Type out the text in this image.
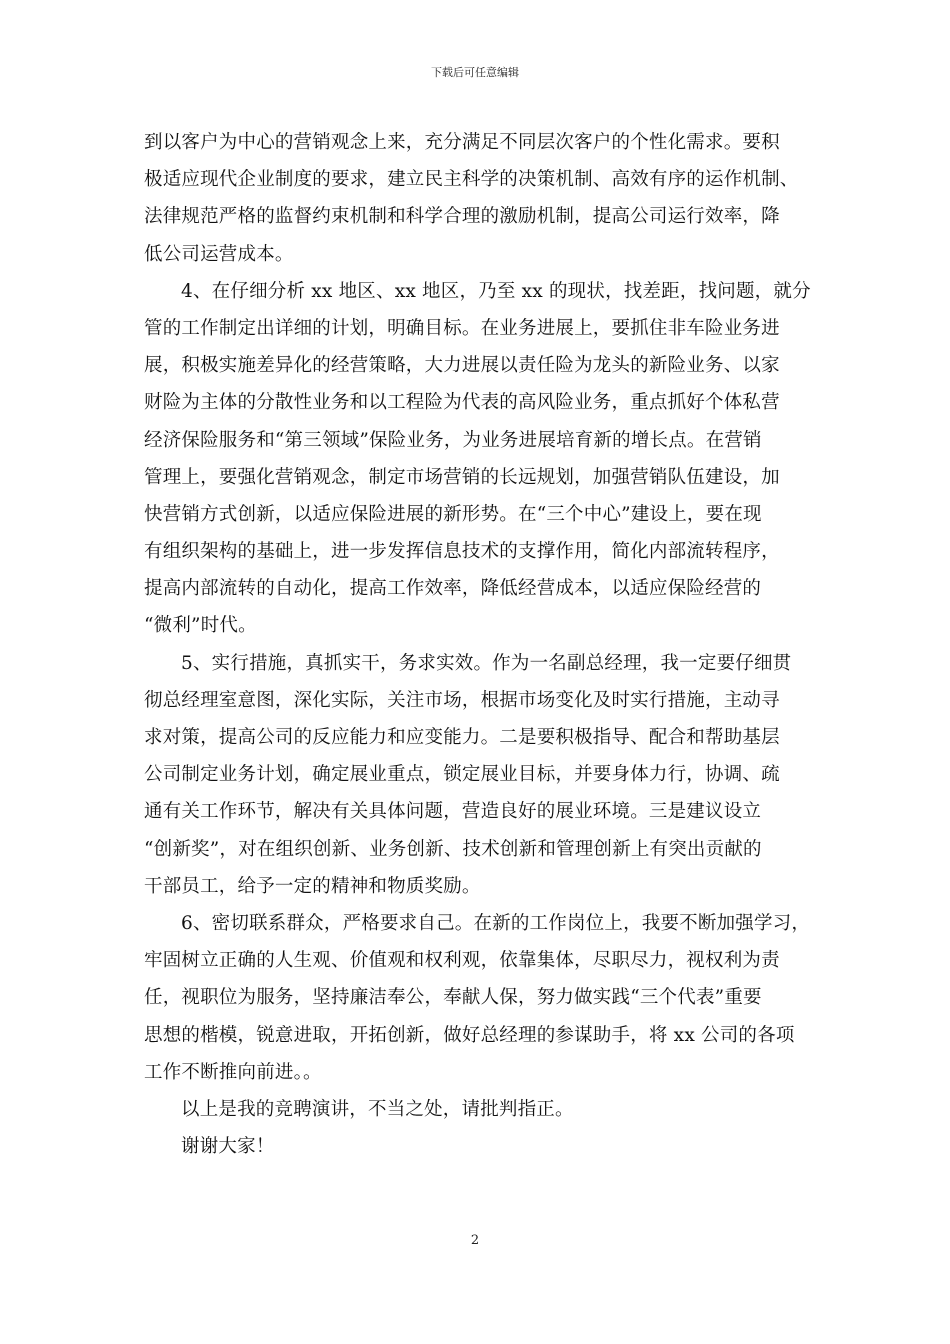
下载后可任意编辑
到以客户为中心的营销观念上来，充分满足不同层次客户的个性化需求。要积
极适应现代企业制度的要求，建立民主科学的决策机制、高效有序的运作机制、
法律规范严格的监督约束机制和科学合理的激励机制，提高公司运行效率，降
低公司运营成本。
4、在仔细分析 xx 地区、xx 地区，乃至 xx 的现状，找差距，找问题，就分
管的工作制定出详细的计划，明确目标。在业务进展上，要抓住非车险业务进
展，积极实施差异化的经营策略，大力进展以责任险为龙头的新险业务、以家
财险为主体的分散性业务和以工程险为代表的高风险业务，重点抓好个体私营
经济保险服务和“第三领域”保险业务，为业务进展培育新的增长点。在营销
管理上，要强化营销观念，制定市场营销的长远规划，加强营销队伍建设，加
快营销方式创新，以适应保险进展的新形势。在“三个中心”建设上，要在现
有组织架构的基础上，进一步发挥信息技术的支撑作用，简化内部流转程序，
提高内部流转的自动化，提高工作效率，降低经营成本，以适应保险经营的
“微利”时代。
5、实行措施，真抓实干，务求实效。作为一名副总经理，我一定要仔细贯
彻总经理室意图，深化实际，关注市场，根据市场变化及时实行措施，主动寻
求对策，提高公司的反应能力和应变能力。二是要积极指导、配合和帮助基层
公司制定业务计划，确定展业重点，锁定展业目标，并要身体力行，协调、疏
通有关工作环节，解决有关具体问题，营造良好的展业环境。三是建议设立
“创新奖”，对在组织创新、业务创新、技术创新和管理创新上有突出贡献的
干部员工，给予一定的精神和物质奖励。
6、密切联系群众，严格要求自己。在新的工作岗位上，我要不断加强学习，
牢固树立正确的人生观、价值观和权利观，依靠集体，尽职尽力，视权利为责
任，视职位为服务，坚持廉洁奉公，奉献人保，努力做实践“三个代表”重要
思想的楷模，锐意进取，开拓创新，做好总经理的参谋助手，将 xx 公司的各项
工作不断推向前进。。
以上是我的竞聘演讲，不当之处，请批判指正。
谢谢大家！
2
